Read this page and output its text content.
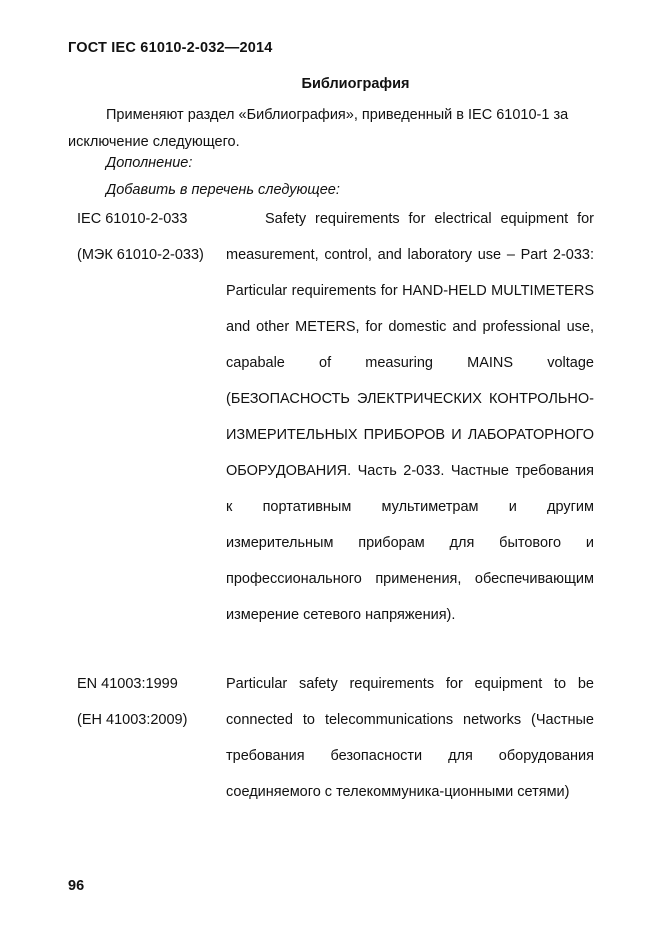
ГОСТ IEC 61010-2-032—2014
Библиография

Применяют раздел «Библиография», приведенный в IEC 61010-1 за исключение следующего.

Дополнение:
Добавить в перечень следующее:
IEC 61010-2-033
(МЭК 61010-2-033)

Safety requirements for electrical equipment for measurement, control, and laboratory use – Part 2-033: Particular requirements for HAND-HELD MULTIMETERS and other METERS, for domestic and professional use, capabale of measuring MAINS voltage (БЕЗОПАСНОСТЬ ЭЛЕКТРИЧЕСКИХ КОНТРОЛЬНО-ИЗМЕРИТЕЛЬНЫХ ПРИБОРОВ И ЛАБОРАТОРНОГО ОБОРУДОВАНИЯ. Часть 2-033. Частные требования к портативным мультиметрам и другим измерительным приборам для бытового и профессионального применения, обеспечивающим измерение сетевого напряжения).

EN 41003:1999
(ЕН 41003:2009)

Particular safety requirements for equipment to be connected to telecommunications networks (Частные требования безопасности для оборудования соединяемого с телекоммуника-ционными сетями)

96
